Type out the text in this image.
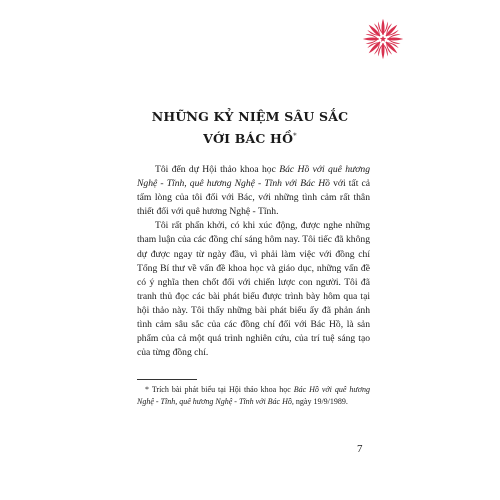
NHỮNG KỶ NIỆM SÂU SẮC
VỚI BÁC HỒ*

Tôi đến dự Hội thảo khoa học Bác Hồ với quê hương Nghệ - Tĩnh, quê hương Nghệ - Tĩnh với Bác Hồ với tất cả tấm lòng của tôi đối với Bác, với những tình cảm rất thân thiết đối với quê hương Nghệ - Tĩnh.

Tôi rất phấn khởi, có khi xúc động, được nghe những tham luận của các đồng chí sáng hôm nay. Tôi tiếc đã không dự được ngay từ ngày đầu, vì phải làm việc với đồng chí Tổng Bí thư về vấn đề khoa học và giáo dục, những vấn đề có ý nghĩa then chốt đối với chiến lược con người. Tôi đã tranh thủ đọc các bài phát biểu được trình bày hôm qua tại hội thảo này. Tôi thấy những bài phát biểu ấy đã phản ánh tình cảm sâu sắc của các đồng chí đối với Bác Hồ, là sản phẩm của cả một quá trình nghiên cứu, của trí tuệ sáng tạo của từng đồng chí.

* Trích bài phát biểu tại Hội thảo khoa học Bác Hồ với quê hương Nghệ - Tĩnh, quê hương Nghệ - Tĩnh với Bác Hồ, ngày 19/9/1989.
7
